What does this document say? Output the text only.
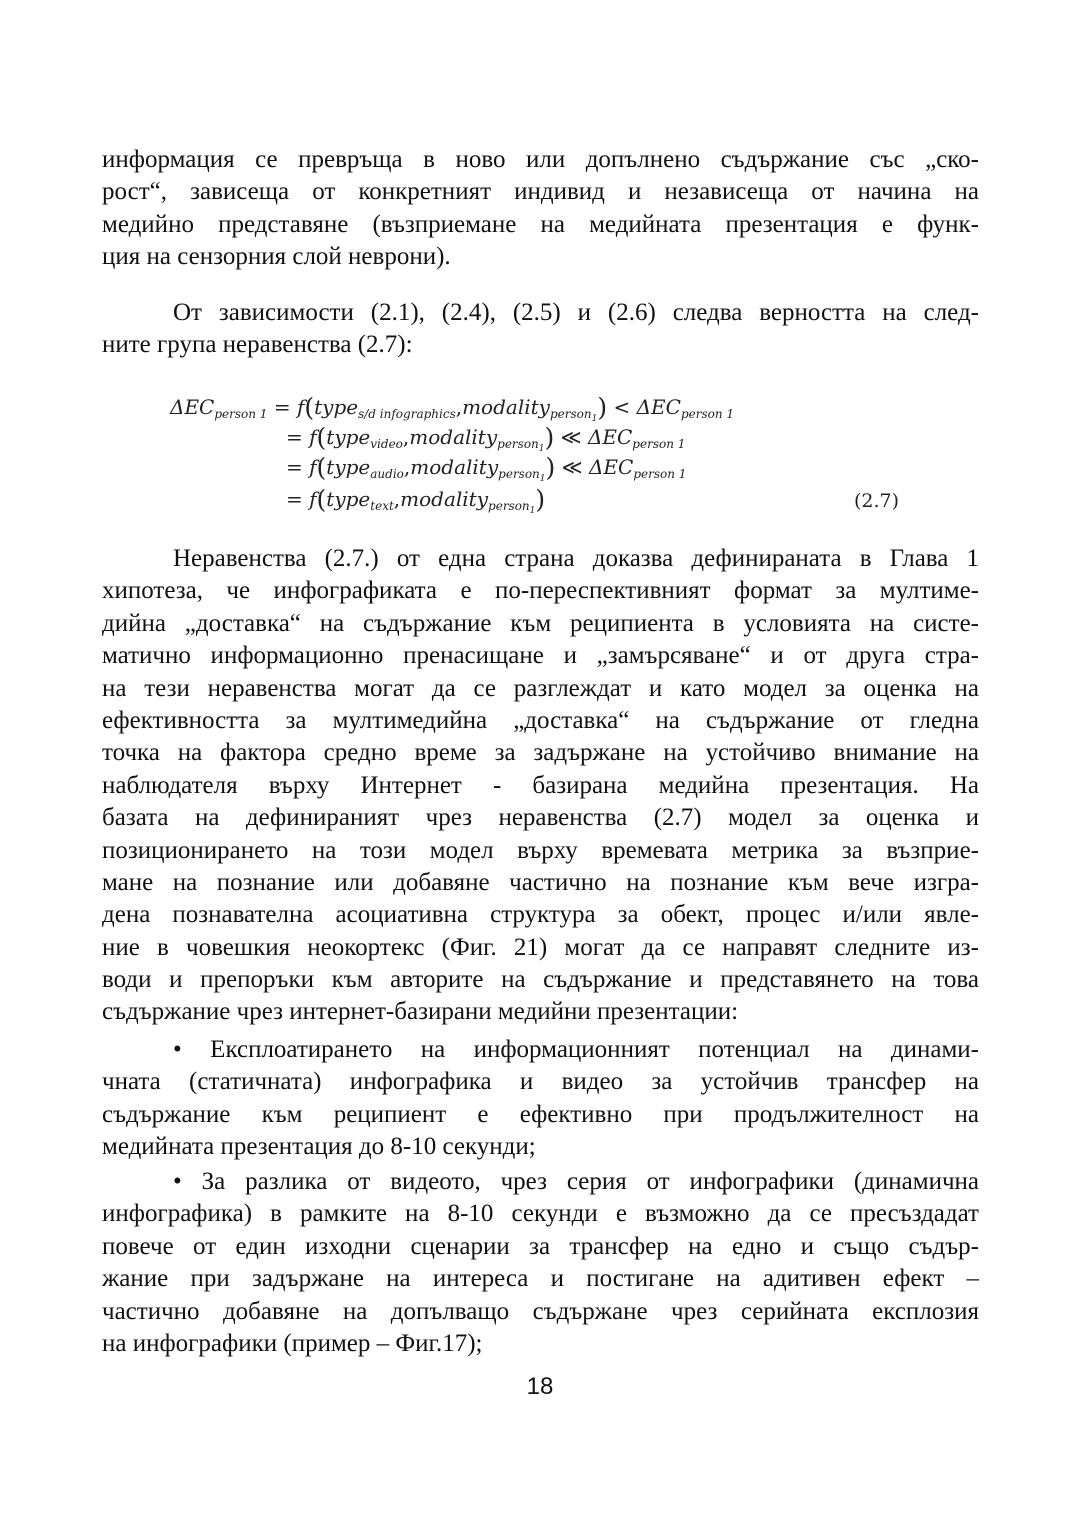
информация се превръща в ново или допълнено съдържание със „ско-
рост“, зависеща от конкретният индивид и независеща от начина на
медийно представяне (възприемане на медийната презентация е функ-
ция на сензорния слой неврони).
От зависимости (2.1), (2.4), (2.5) и (2.6) следва верността на след-
ните група неравенства (2.7):
$\Delta EC_{person 1}$ = f(type$_{s/d infographics}$,modality$_{person_1}$) < $\Delta EC_{person 1}$
= f(type$_{video}$,modality$_{person_1}$) ≪ $\Delta EC_{person 1}$
= f(type$_{audio}$,modality$_{person_1}$) ≪ $\Delta EC_{person 1}$
= f(type$_{text}$,modality$_{person_1}$)	(2.7)
Неравенства (2.7.) от една страна доказва дефинираната в Глава 1
хипотеза, че инфографиката е по-переспективният формат за мултиме-
дийна „доставка“ на съдържание към реципиента в условията на систе-
матично информационно пренасищане и „замърсяване“ и от друга стра-
на тези неравенства могат да се разглеждат и като модел за оценка на
ефективността за мултимедийна „доставка“ на съдържание от гледна
точка на фактора средно време за задържане на устойчиво внимание на
наблюдателя върху Интернет - базирана медийна презентация. На
базата на дефинираният чрез неравенства (2.7) модел за оценка и
позиционирането на този модел върху времевата метрика за възприе-
мане на познание или добавяне частично на познание към вече изгра-
дена познавателна асоциативна структура за обект, процес и/или явле-
ние в човешкия неокортекс (Фиг. 21) могат да се направят следните из-
води и препоръки към авторите на съдържание и представянето на това
съдържание чрез интернет-базирани медийни презентации:
• Експлоатирането на информационният потенциал на динами-
чната (статичната) инфографика и видео за устойчив трансфер на
съдържание към реципиент е ефективно при продължителност на
медийната презентация до 8-10 секунди;
• За разлика от видеото, чрез серия от инфографики (динамична
инфографика) в рамките на 8-10 секунди е възможно да се пресъздадат
повече от един изходни сценарии за трансфер на едно и също съдър-
жание при задържане на интереса и постигане на адитивен ефект –
частично добавяне на допълващо съдържане чрез серийната експлозия
на инфографики (пример – Фиг.17);
18
